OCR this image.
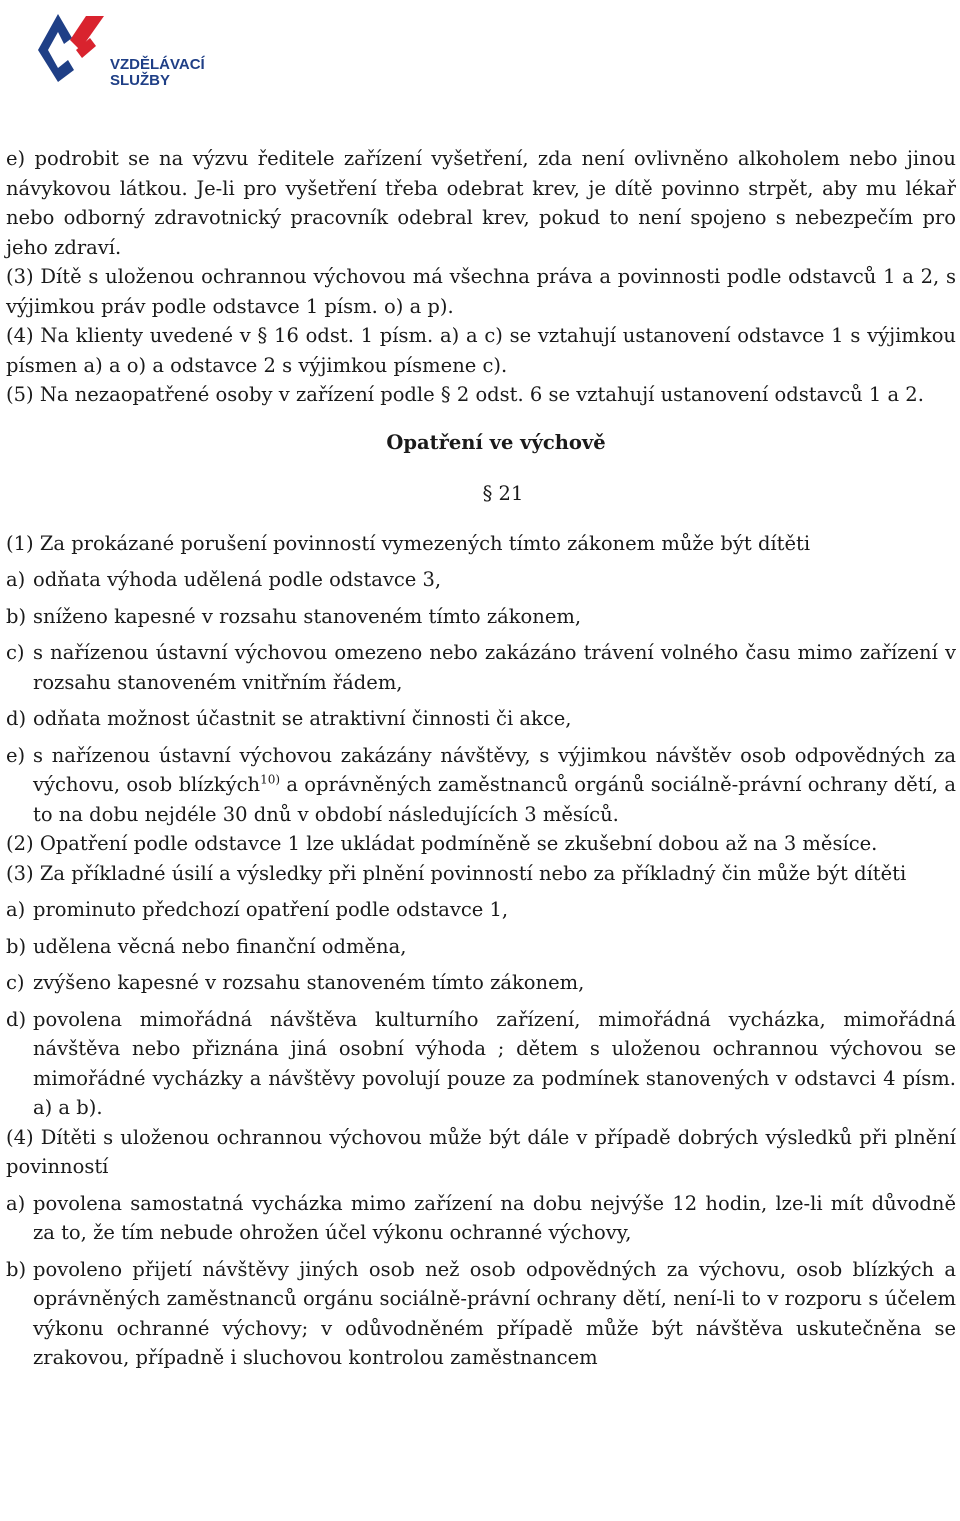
VZDĚLÁVACÍ
SLUŽBY

e) podrobit se na výzvu ředitele zařízení vyšetření, zda není ovlivněno alkoholem nebo jinou návykovou látkou. Je-li pro vyšetření třeba odebrat krev, je dítě povinno strpět, aby mu lékař nebo odborný zdravotnický pracovník odebral krev, pokud to není spojeno s nebezpečím pro jeho zdraví.

(3) Dítě s uloženou ochrannou výchovou má všechna práva a povinnosti podle odstavců 1 a 2, s výjimkou práv podle odstavce 1 písm. o) a p).

(4) Na klienty uvedené v § 16 odst. 1 písm. a) a c) se vztahují ustanovení odstavce 1 s výjimkou písmen a) a o) a odstavce 2 s výjimkou písmene c).

(5) Na nezaopatřené osoby v zařízení podle § 2 odst. 6 se vztahují ustanovení odstavců 1 a 2.

Opatření ve výchově

§ 21

(1) Za prokázané porušení povinností vymezených tímto zákonem může být dítěti

a) odňata výhoda udělená podle odstavce 3,
b) sníženo kapesné v rozsahu stanoveném tímto zákonem,
c) s nařízenou ústavní výchovou omezeno nebo zakázáno trávení volného času mimo zařízení v rozsahu stanoveném vnitřním řádem,
d) odňata možnost účastnit se atraktivní činnosti či akce,
e) s nařízenou ústavní výchovou zakázány návštěvy, s výjimkou návštěv osob odpovědných za výchovu, osob blízkých$^{10)}$ a oprávněných zaměstnanců orgánů sociálně-právní ochrany dětí, a to na dobu nejdéle 30 dnů v období následujících 3 měsíců.

(2) Opatření podle odstavce 1 lze ukládat podmíněně se zkušební dobou až na 3 měsíce.

(3) Za příkladné úsilí a výsledky při plnění povinností nebo za příkladný čin může být dítěti

a) prominuto předchozí opatření podle odstavce 1,
b) udělena věcná nebo finanční odměna,
c) zvýšeno kapesné v rozsahu stanoveném tímto zákonem,
d) povolena mimořádná návštěva kulturního zařízení, mimořádná vycházka, mimořádná návštěva nebo přiznána jiná osobní výhoda ; dětem s uloženou ochrannou výchovou se mimořádné vycházky a návštěvy povolují pouze za podmínek stanovených v odstavci 4 písm. a) a b).

(4) Dítěti s uloženou ochrannou výchovou může být dále v případě dobrých výsledků při plnění povinností

a) povolena samostatná vycházka mimo zařízení na dobu nejvýše 12 hodin, lze-li mít důvodně za to, že tím nebude ohrožen účel výkonu ochranné výchovy,
b) povoleno přijetí návštěvy jiných osob než osob odpovědných za výchovu, osob blízkých a oprávněných zaměstnanců orgánu sociálně-právní ochrany dětí, není-li to v rozporu s účelem výkonu ochranné výchovy; v odůvodněném případě může být návštěva uskutečněna se zrakovou, případně i sluchovou kontrolou zaměstnancem
